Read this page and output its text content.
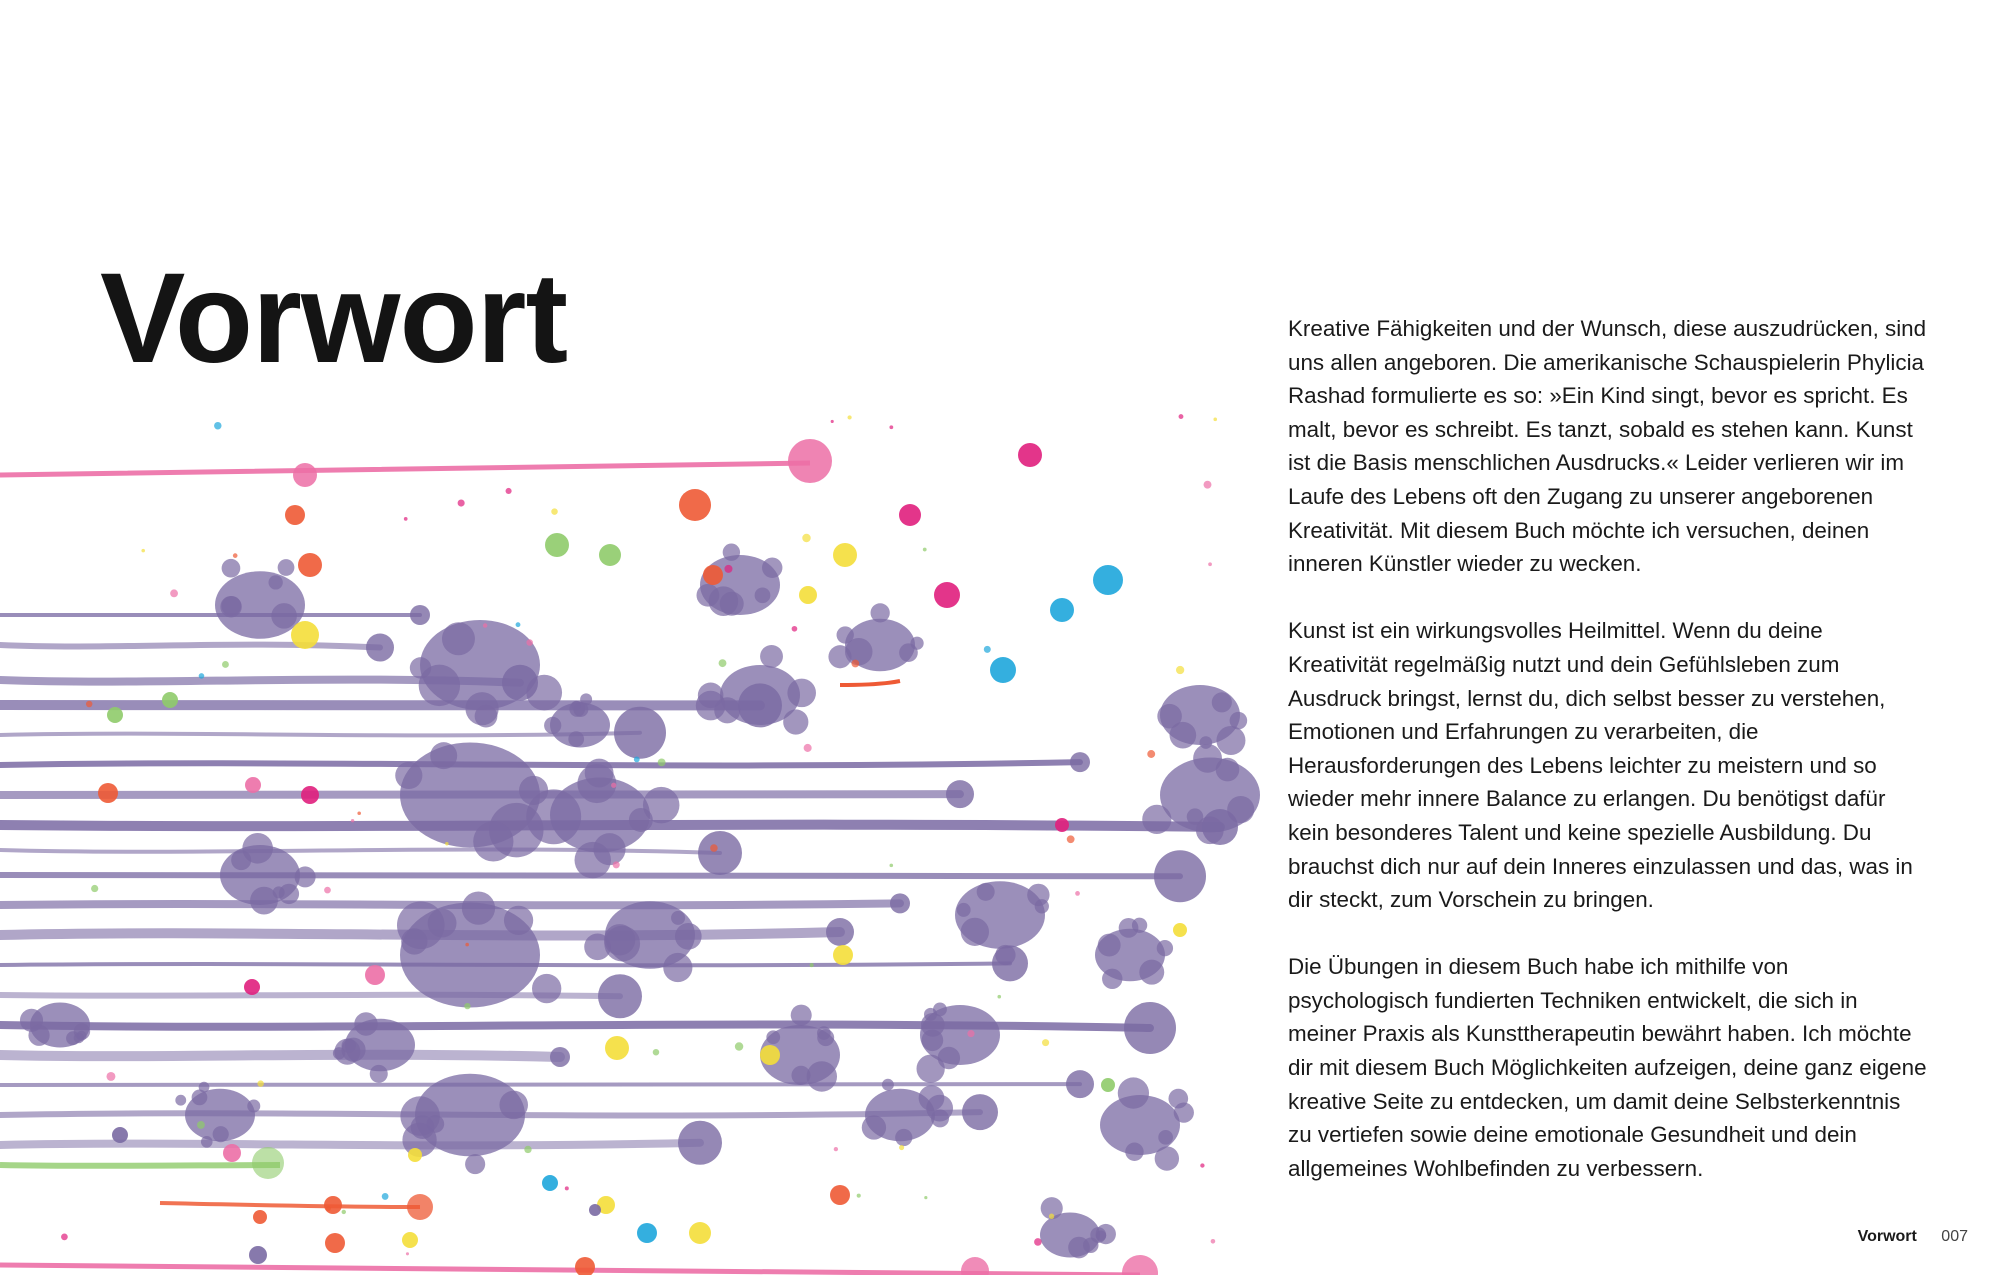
Vorwort	Kreative Fähigkeiten und der Wunsch, diese auszudrücken, sind uns allen angeboren. Die amerikanische Schauspielerin Phylicia Rashad formulierte es so: »Ein Kind singt, bevor es spricht. Es malt, bevor es schreibt. Es tanzt, sobald es stehen kann. Kunst ist die Basis menschlichen Ausdrucks.« Leider verlieren wir im Laufe des Lebens oft den Zugang zu unserer angeborenen Kreativität. Mit diesem Buch möchte ich versuchen, deinen inneren Künstler wieder zu wecken.

Kunst ist ein wirkungsvolles Heilmittel. Wenn du deine Kreativität regelmäßig nutzt und dein Gefühlsleben zum Ausdruck bringst, lernst du, dich selbst besser zu verstehen, Emotionen und Erfahrungen zu verarbeiten, die Herausforderungen des Lebens leichter zu meistern und so wieder mehr innere Balance zu erlangen. Du benötigst dafür kein besonderes Talent und keine spezielle Ausbildung. Du brauchst dich nur auf dein Inneres einzulassen und das, was in dir steckt, zum Vorschein zu bringen.

Die Übungen in diesem Buch habe ich mithilfe von psychologisch fundierten Techniken entwickelt, die sich in meiner Praxis als Kunsttherapeutin bewährt haben. Ich möchte dir mit diesem Buch Möglichkeiten aufzeigen, deine ganz eigene kreative Seite zu entdecken, um damit deine Selbsterkenntnis zu vertiefen sowie deine emotionale Gesundheit und dein allgemeines Wohlbefinden zu verbessern.

Vorwort 007
